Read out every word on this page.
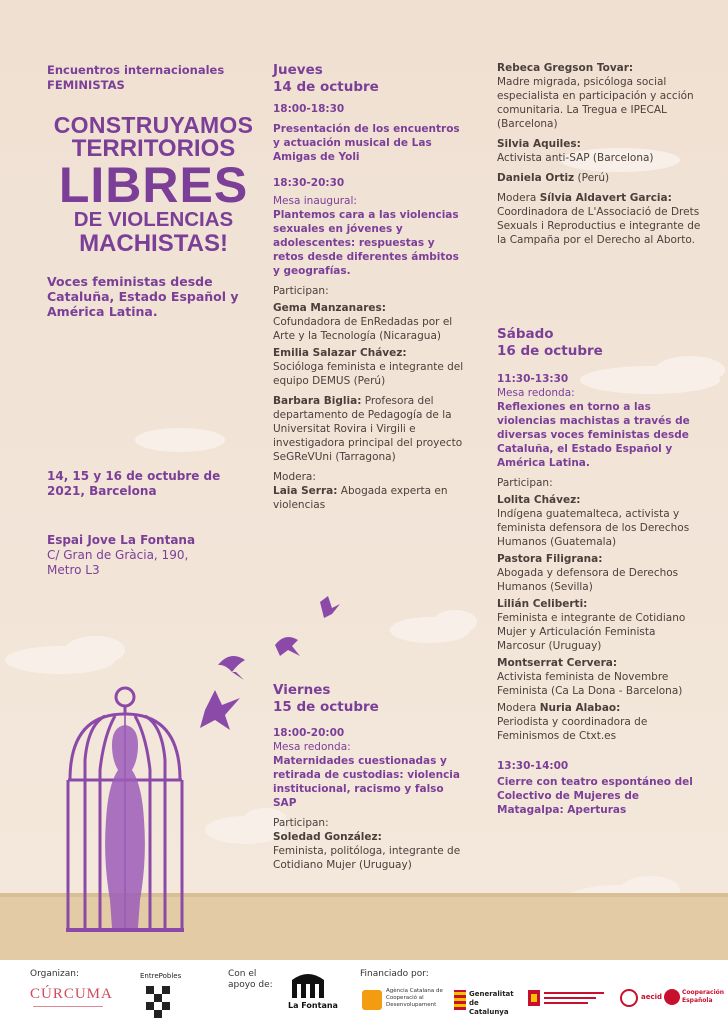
Encuentros internacionales
FEMINISTAS
CONSTRUYAMOS
TERRITORIOS
LIBRES
DE VIOLENCIAS
MACHISTAS!
Voces feministas desde Cataluña, Estado Español y América Latina.
14, 15 y 16 de octubre de 2021, Barcelona
Espai Jove La Fontana
C/ Gran de Gràcia, 190,
Metro L3
Jueves
14 de octubre
18:00-18:30
Presentación de los encuentros y actuación musical de Las Amigas de Yoli
18:30-20:30
Mesa inaugural:
Plantemos cara a las violencias sexuales en jóvenes y adolescentes: respuestas y retos desde diferentes ámbitos y geografías.
Participan:
Gema Manzanares:
Cofundadora de EnRedadas por el Arte y la Tecnología (Nicaragua)
Emilia Salazar Chávez:
Socióloga feminista e integrante del equipo DEMUS (Perú)
Barbara Biglia: Profesora del departamento de Pedagogía de la Universitat Rovira i Virgili e investigadora principal del proyecto SeGReVUni (Tarragona)
Modera:
Laia Serra: Abogada experta en violencias
Viernes
15 de octubre
18:00-20:00
Mesa redonda:
Maternidades cuestionadas y retirada de custodias: violencia institucional, racismo y falso SAP
Participan:
Soledad González:
Feminista, politóloga, integrante de Cotidiano Mujer (Uruguay)
Rebeca Gregson Tovar:
Madre migrada, psicóloga social especialista en participación y acción comunitaria. La Tregua e IPECAL (Barcelona)
Silvia Aquiles:
Activista anti-SAP (Barcelona)
Daniela Ortiz (Perú)
Modera Sílvia Aldavert Garcia:
Coordinadora de L'Associació de Drets Sexuals i Reproductius e integrante de la Campaña por el Derecho al Aborto.
Sábado
16 de octubre
11:30-13:30
Mesa redonda:
Reflexiones en torno a las violencias machistas a través de diversas voces feministas desde Cataluña, el Estado Español y América Latina.
Participan:
Lolita Chávez:
Indígena guatemalteca, activista y feminista defensora de los Derechos Humanos (Guatemala)
Pastora Filigrana:
Abogada y defensora de Derechos Humanos (Sevilla)
Lilián Celiberti:
Feminista e integrante de Cotidiano Mujer y Articulación Feminista Marcosur (Uruguay)
Montserrat Cervera:
Activista feminista de Novembre Feminista (Ca La Dona - Barcelona)
Modera Nuria Alabao:
Periodista y coordinadora de Feminismos de Ctxt.es
13:30-14:00
Cierre con teatro espontáneo del Colectivo de Mujeres de Matagalpa: Aperturas
Organizan:
CÚRCUMA
EntrePobles	Con el apoyo de:
La Fontana
Financiado por:
Agència Catalana de Cooperació al Desenvolupament
Generalitat de Catalunya
aecid
Cooperación Española
